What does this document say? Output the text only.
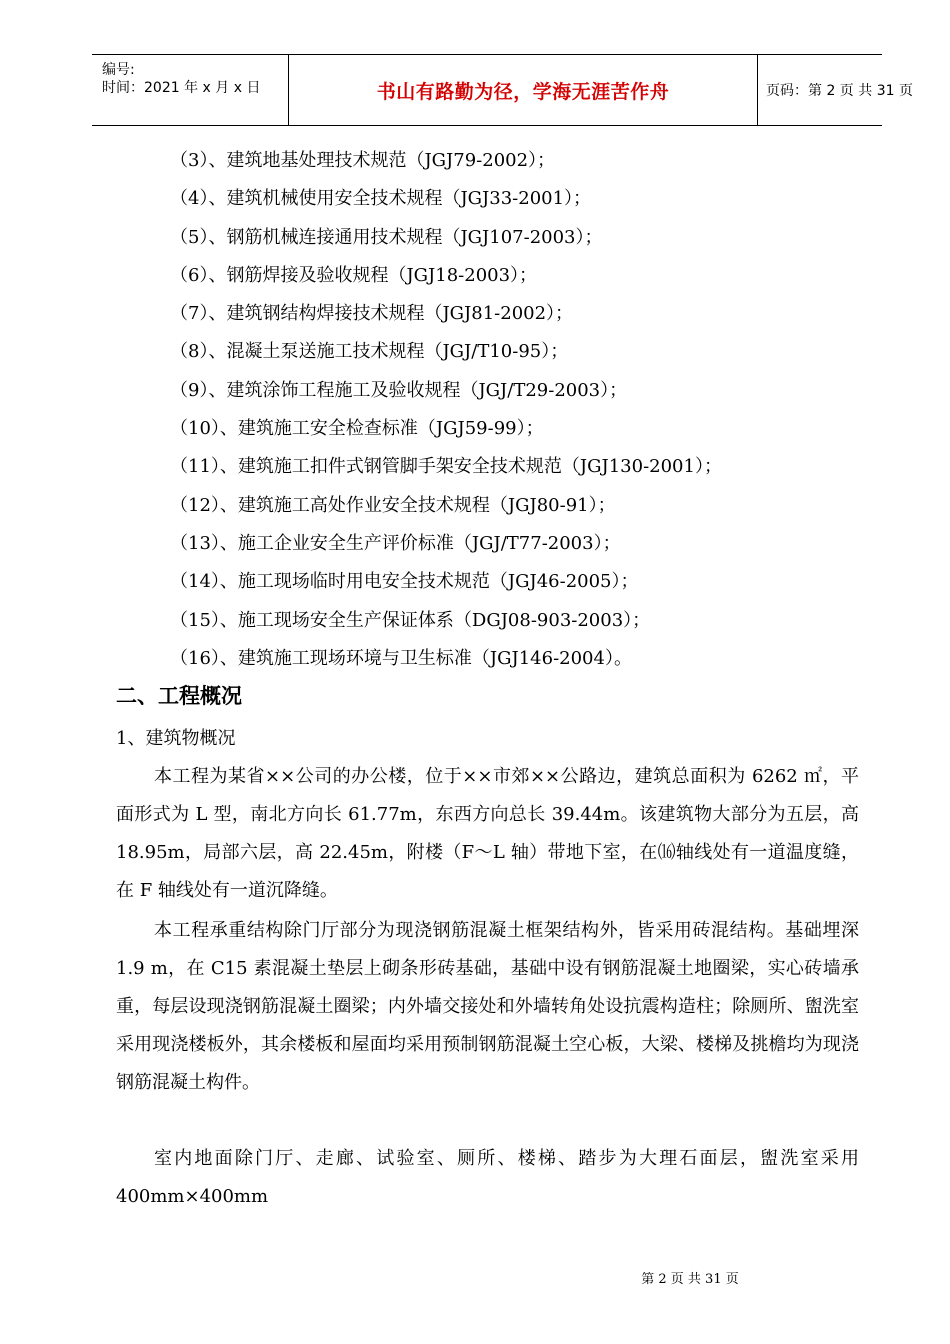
编号:
时间：2021 年 x 月 x 日	书山有路勤为径，学海无涯苦作舟	页码：第 2 页 共 31 页
（3）、建筑地基处理技术规范（JGJ79-2002）；
（4）、建筑机械使用安全技术规程（JGJ33-2001）；
（5）、钢筋机械连接通用技术规程（JGJ107-2003）；
（6）、钢筋焊接及验收规程（JGJ18-2003）；
（7）、建筑钢结构焊接技术规程（JGJ81-2002）；
（8）、混凝土泵送施工技术规程（JGJ/T10-95）；
（9）、建筑涂饰工程施工及验收规程（JGJ/T29-2003）；
（10）、建筑施工安全检查标准（JGJ59-99）；
（11）、建筑施工扣件式钢管脚手架安全技术规范（JGJ130-2001）；
（12）、建筑施工高处作业安全技术规程（JGJ80-91）；
（13）、施工企业安全生产评价标准（JGJ/T77-2003）；
（14）、施工现场临时用电安全技术规范（JGJ46-2005）；
（15）、施工现场安全生产保证体系（DGJ08-903-2003）；
（16）、建筑施工现场环境与卫生标准（JGJ146-2004）。
二、工程概况
1、建筑物概况

本工程为某省××公司的办公楼，位于××市郊××公路边，建筑总面积为 6262 ㎡，平面形式为 L 型，南北方向长 61.77m，东西方向总长 39.44m。该建筑物大部分为五层，高 18.95m，局部六层，高 22.45m，附楼（F～L 轴）带地下室，在⒃轴线处有一道温度缝，在 F 轴线处有一道沉降缝。

本工程承重结构除门厅部分为现浇钢筋混凝土框架结构外，皆采用砖混结构。基础埋深 1.9 m，在 C15 素混凝土垫层上砌条形砖基础，基础中设有钢筋混凝土地圈梁，实心砖墙承重，每层设现浇钢筋混凝土圈梁；内外墙交接处和外墙转角处设抗震构造柱；除厕所、盥洗室采用现浇楼板外，其余楼板和屋面均采用预制钢筋混凝土空心板，大梁、楼梯及挑檐均为现浇钢筋混凝土构件。

室内地面除门厅、走廊、试验室、厕所、楼梯、踏步为大理石面层，盥洗室采用 400mm×400mm

第 2 页 共 31 页
